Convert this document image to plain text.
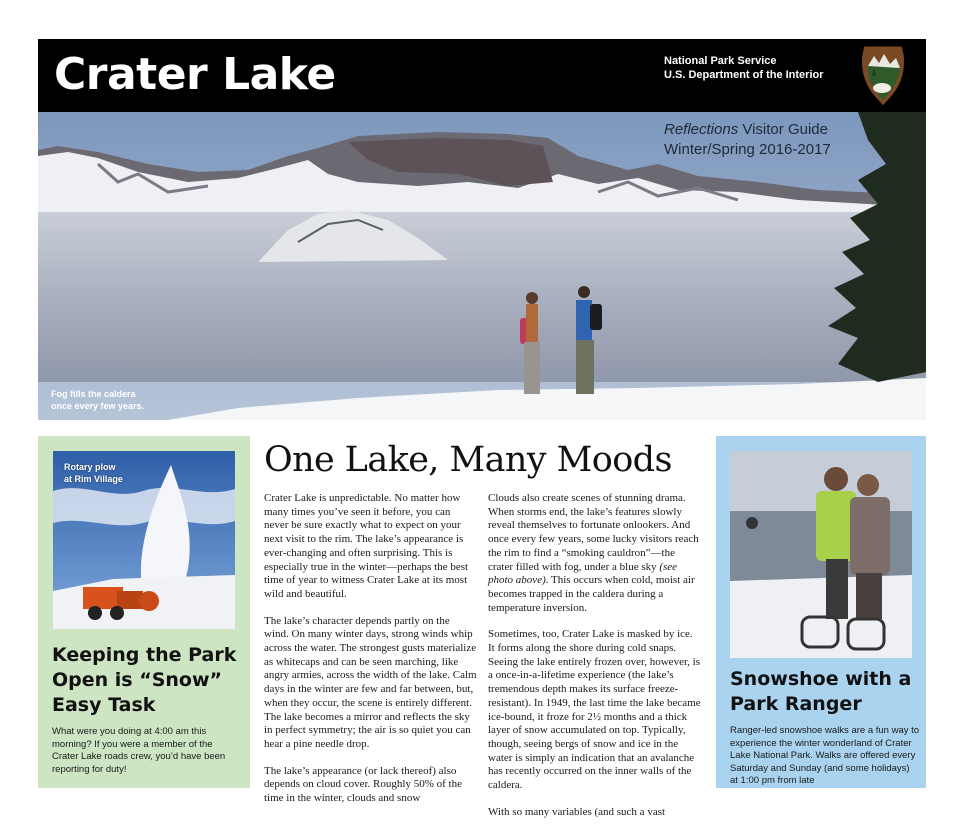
Crater Lake	National Park Service
U.S. Department of the Interior
Reflections Visitor Guide
Winter/Spring 2016-2017
Fog fills the caldera
once every few years.
Rotary plow
at Rim Village
Keeping the Park Open is “Snow” Easy Task
What were you doing at 4:00 am this morning? If you were a member of the Crater Lake roads crew, you’d have been reporting for duty!
One Lake, Many Moods

Crater Lake is unpredictable. No matter how many times you’ve seen it before, you can never be sure exactly what to expect on your next visit to the rim. The lake’s appearance is ever-changing and often surprising. This is especially true in the winter—perhaps the best time of year to witness Crater Lake at its most wild and beautiful.

The lake’s character depends partly on the wind. On many winter days, strong winds whip across the water. The strongest gusts materialize as whitecaps and can be seen marching, like angry armies, across the width of the lake. Calm days in the winter are few and far between, but, when they occur, the scene is entirely different. The lake becomes a mirror and reflects the sky in perfect symmetry; the air is so quiet you can hear a pine needle drop.

The lake’s appearance (or lack thereof) also depends on cloud cover. Roughly 50% of the time in the winter, clouds and snow

Clouds also create scenes of stunning drama. When storms end, the lake’s features slowly reveal themselves to fortunate onlookers. And once every few years, some lucky visitors reach the rim to find a “smoking cauldron”—the crater filled with fog, under a blue sky (see photo above). This occurs when cold, moist air becomes trapped in the caldera during a temperature inversion.

Sometimes, too, Crater Lake is masked by ice. It forms along the shore during cold snaps. Seeing the lake entirely frozen over, however, is a once-in-a-lifetime experience (the lake’s tremendous depth makes its surface freeze-resistant). In 1949, the last time the lake became ice-bound, it froze for 2½ months and a thick layer of snow accumulated on top. Typically, though, seeing bergs of snow and ice in the water is simply an indication that an avalanche has recently occurred on the inner walls of the caldera.

With so many variables (and such a vast

Snowshoe with a Park Ranger
Ranger-led snowshoe walks are a fun way to experience the winter wonderland of Crater Lake National Park. Walks are offered every Saturday and Sunday (and some holidays) at 1:00 pm from late
